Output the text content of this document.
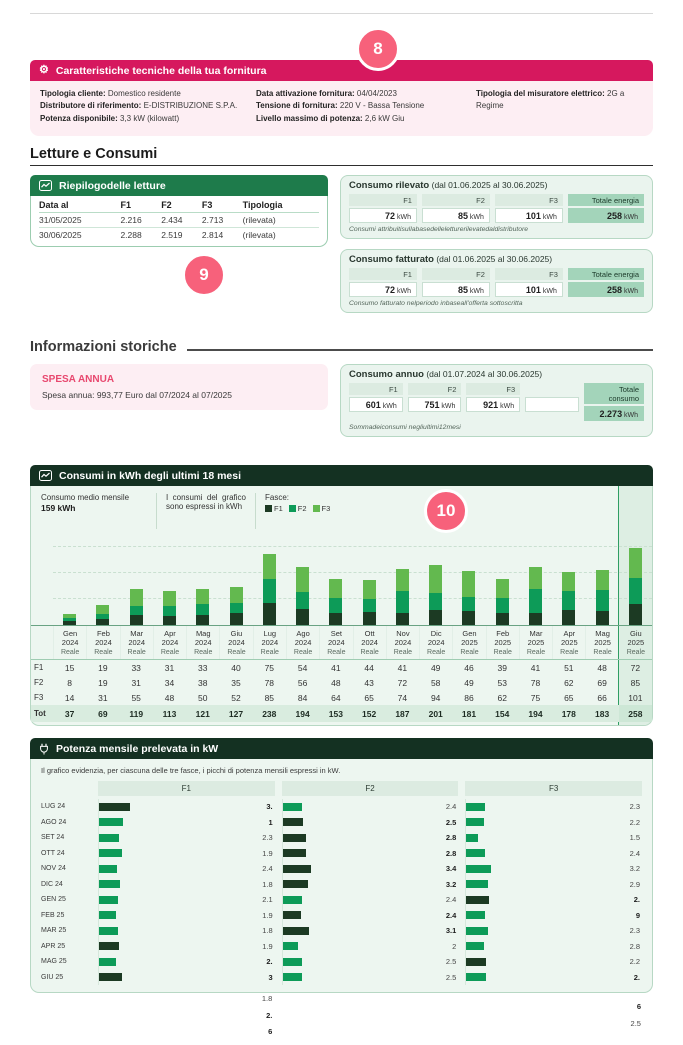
8
⚙ Caratteristiche tecniche della tua fornitura
Tipologia cliente: Domestico residente
Distributore di riferimento: E-DISTRIBUZIONE S.P.A.
Potenza disponibile: 3,3 kW (kilowatt)
Data attivazione fornitura: 04/04/2023
Tensione di fornitura: 220 V - Bassa Tensione
Livello massimo di potenza: 2,6 kW Giu
Tipologia del misuratore elettrico: 2G a Regime
Letture e Consumi
Riepilogodelle letture
Data al	F1	F2	F3	Tipologia
31/05/2025	2.216	2.434	2.713	(rilevata)
30/06/2025	2.288	2.519	2.814	(rilevata)
9
Consumo rilevato (dal 01.06.2025 al 30.06.2025)
F1
72 kWh
F2
85 kWh
F3
101 kWh
Totale energia
258 kWh
Consumi attribuitisullabasedelleletturerilevatedaldistributore
Consumo fatturato (dal 01.06.2025 al 30.06.2025)
F1
72 kWh
F2
85 kWh
F3
101 kWh
Totale energia
258 kWh
Consumo fatturato nelperiodo inbaseall'offerta sottoscritta
Informazioni storiche
SPESA ANNUA
Spesa annua: 993,77 Euro dal 07/2024 al 07/2025
Consumo annuo (dal 01.07.2024 al 30.06.2025)
F1
601 kWh
F2
751 kWh
F3
921 kWh

Totale consumo
2.273 kWh
Sommadeiconsumi negliultimi12mesi
Consumi in kWh degli ultimi 18 mesi
Consumo medio mensile
159 kWh
I consumi del grafico sono espressi in kWh
Fasce:
F1 F2 F3
Gen
2024
Feb
2024
Mar
2024
Apr
2024
Mag
2024
Giu
2024
Lug
2024
Ago
2024
Set
2024
Ott
2024
Nov
2024
Dic
2024
Gen
2025
Feb
2025
Mar
2025
Apr
2025
Mag
2025
Giu
2025
Reale	Reale	Reale	Reale	Reale	Reale	Reale	Reale	Reale	Reale	Reale	Reale	Reale	Reale	Reale	Reale	Reale	Reale
F1	15	19	33	31	33	40	75	54	41	44	41	49	46	39	41	51	48	72
F2	8	19	31	34	38	35	78	56	48	43	72	58	49	53	78	62	69	85
F3	14	31	55	48	50	52	85	84	64	65	74	94	86	62	75	65	66	101
Tot	37	69	119	113	121	127	238	194	153	152	187	201	181	154	194	178	183	258
10
Potenza mensile prelevata in kW
Il grafico evidenzia, per ciascuna delle tre fasce, i picchi di potenza mensili espressi in kW.
F1	F2	F3
LUG 24	3.	2.4	2.3
AGO 24	1	2.5	2.2
SET 24	2.3	2.8	1.5
OTT 24	1.9	2.8	2.4
NOV 24	2.4	3.4	3.2
DIC 24	1.8	3.2	2.9
GEN 25	2.1	2.4	2.
FEB 25	1.9	2.4	9
MAR 25	1.8	3.1	2.3
APR 25	1.9	2	2.8
MAG 25	2.	2.5	2.2
GIU 25	3	2.5	2.
1.8
2.
6
6
2.5
